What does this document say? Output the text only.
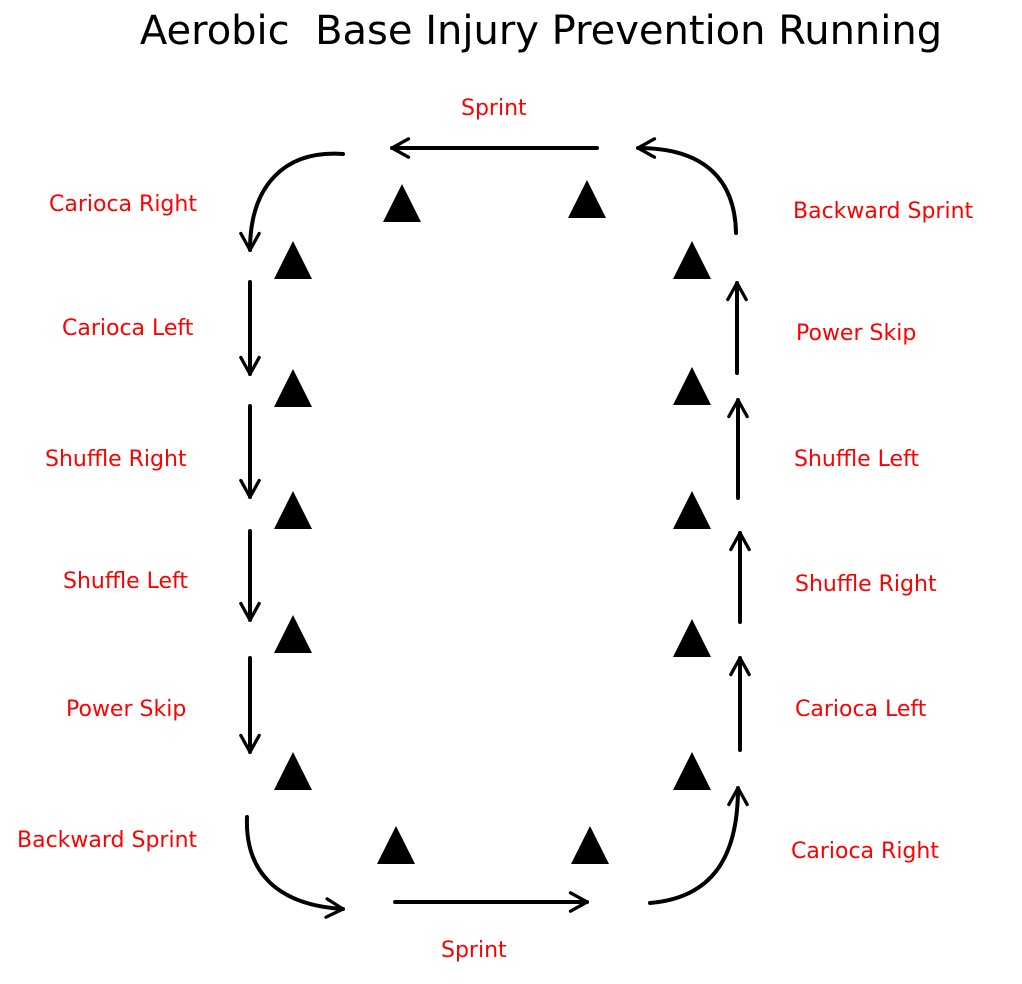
Aerobic  Base Injury Prevention Running
Sprint
Sprint
Carioca Right
Carioca Left
Shuffle Right
Shuffle Left
Power Skip
Backward Sprint
Backward Sprint
Power Skip
Shuffle Left
Shuffle Right
Carioca Left
Carioca Right
